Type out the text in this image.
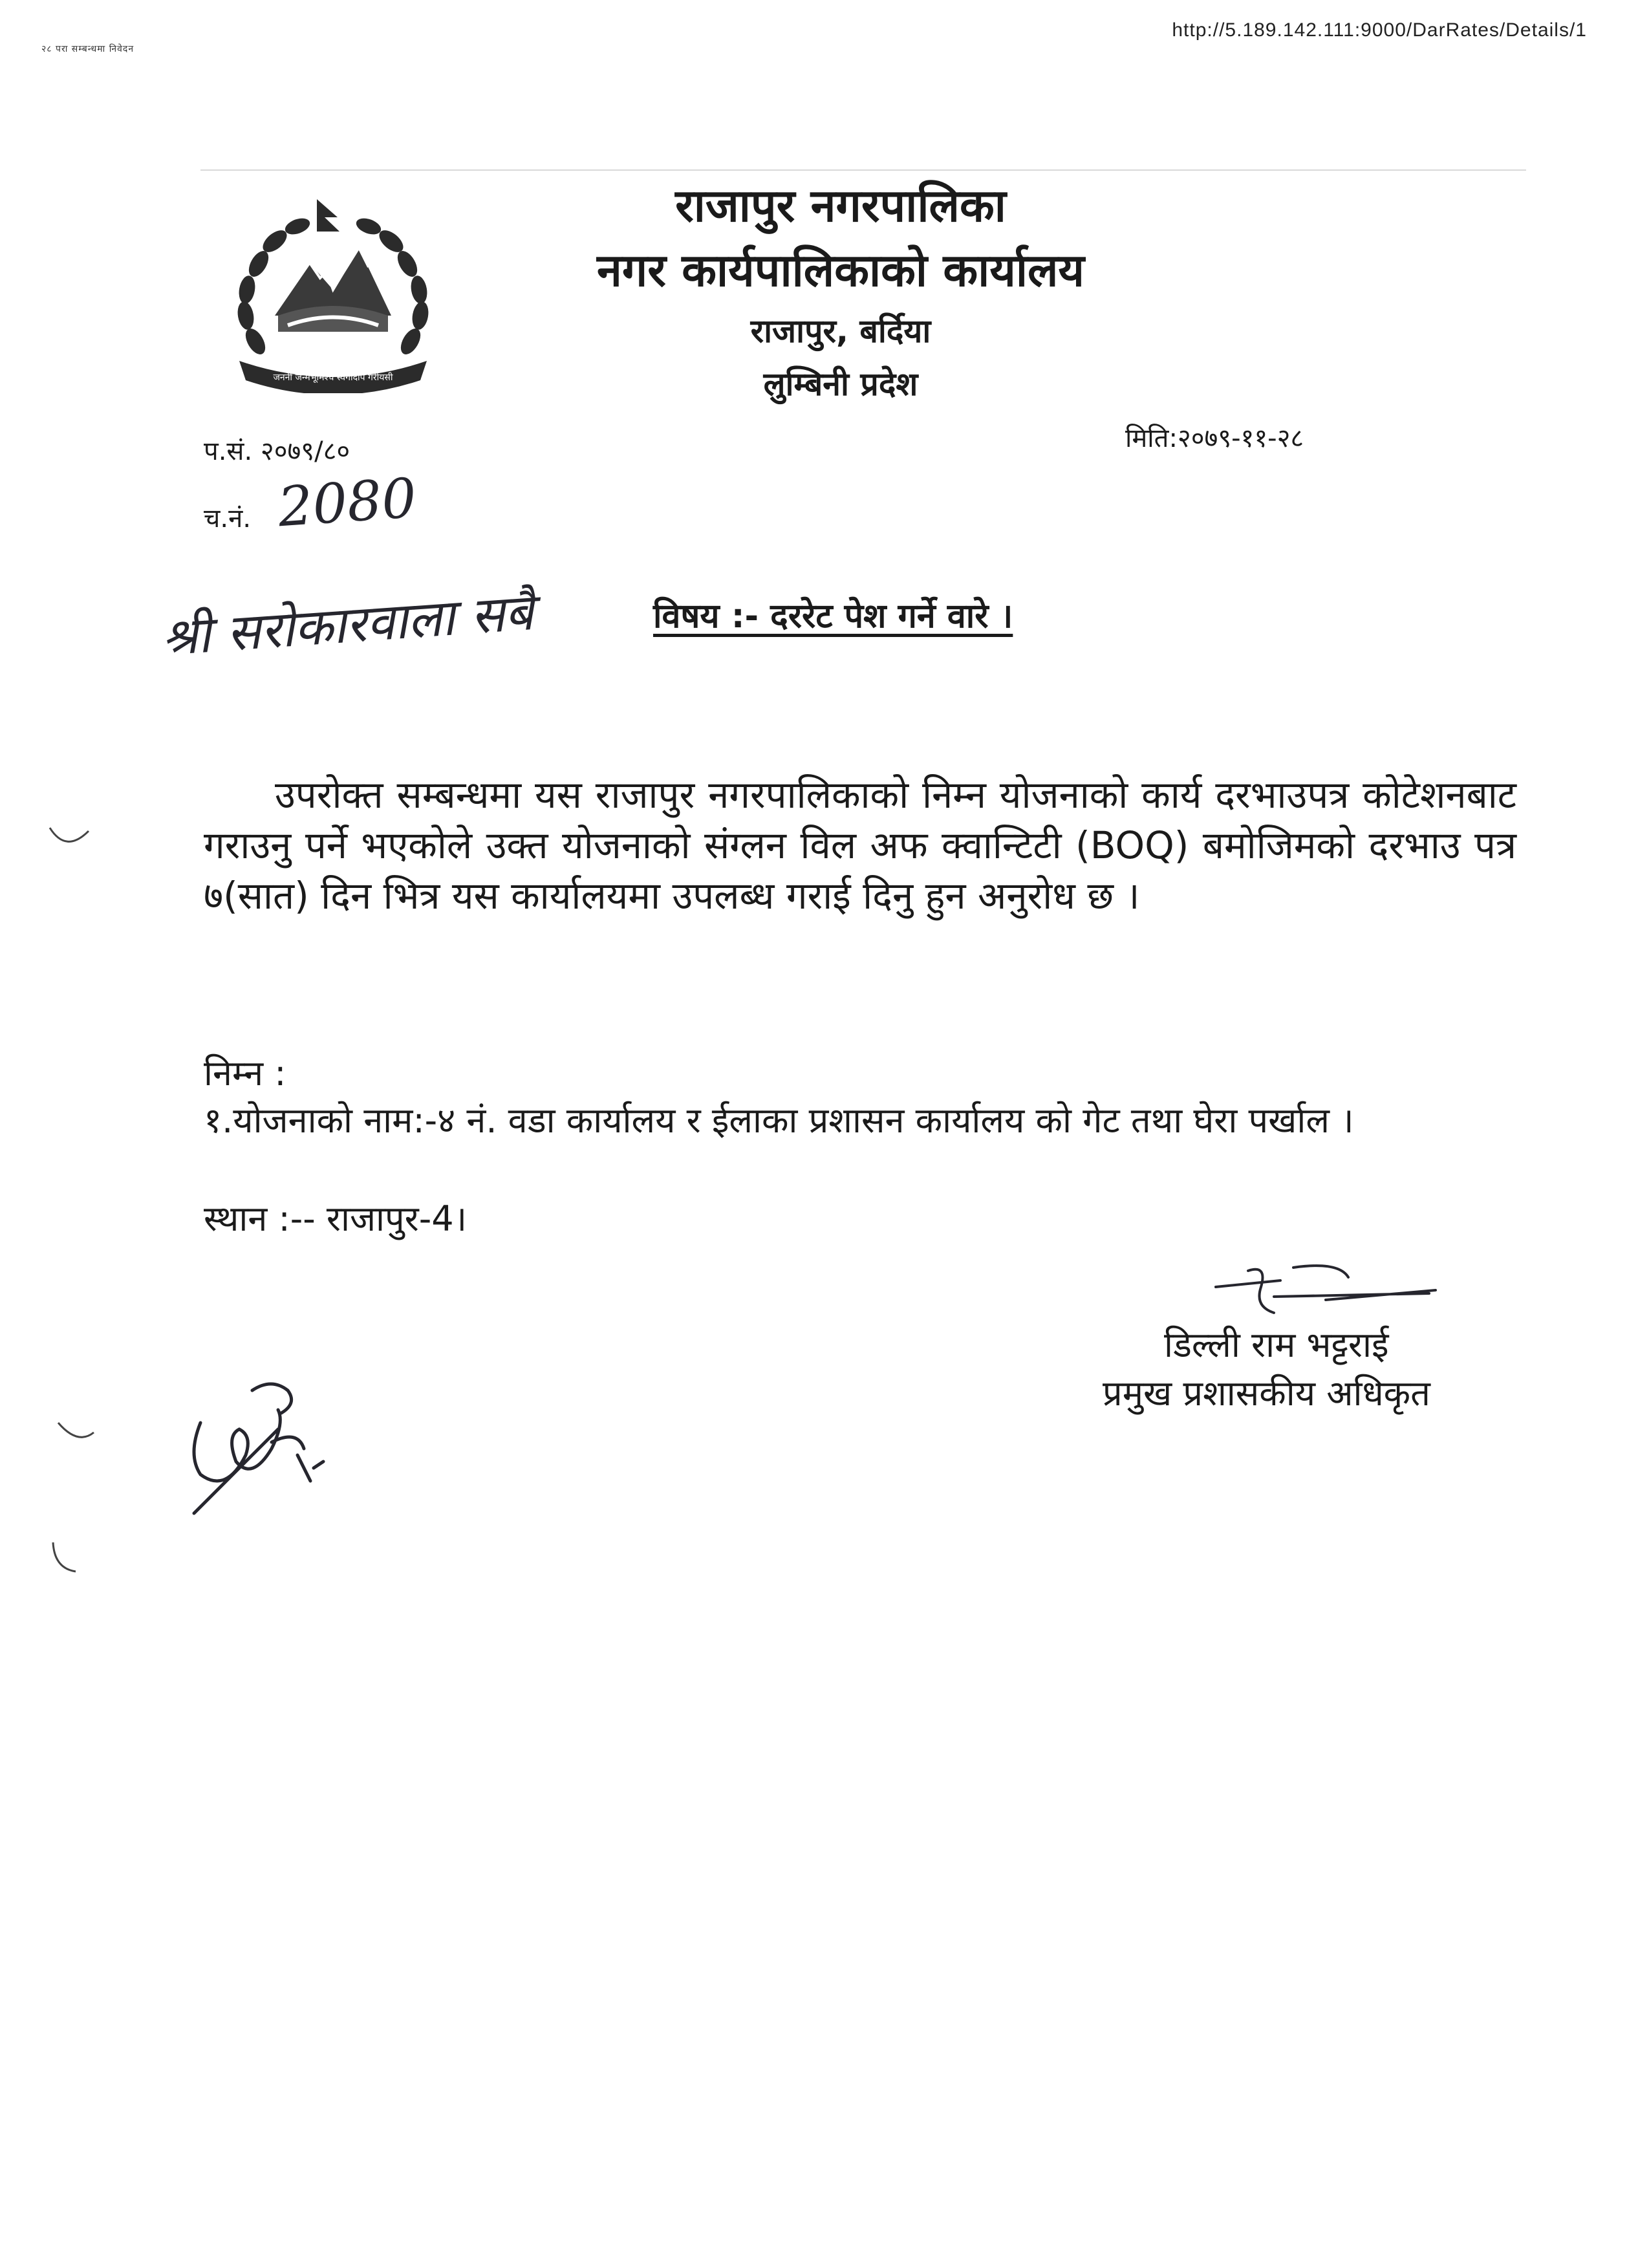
२८ परा सम्बन्धमा निवेदन
http://5.189.142.111:9000/DarRates/Details/1
जननी जन्मभूमिश्च स्वर्गादपि गरीयसी
राजापुर नगरपालिका
नगर कार्यपालिकाको कार्यालय
राजापुर, बर्दिया
लुम्बिनी प्रदेश
प.सं. २०७९/८०	मिति:२०७९-११-२८
च.नं. 2080
श्री सरोकारवाला सबै	विषय :- दररेट पेश गर्ने वारे ।
उपरोक्त सम्बन्धमा यस राजापुर नगरपालिकाको निम्न योजनाको कार्य दरभाउपत्र कोटेशनबाट गराउनु पर्ने भएकोले उक्त योजनाको संग्लन विल अफ क्वान्टिटी (BOQ) बमोजिमको दरभाउ पत्र ७(सात) दिन भित्र यस कार्यालयमा उपलब्ध गराई दिनु हुन अनुरोध छ ।
निम्न :
१.योजनाको नाम:-४ नं. वडा कार्यालय र ईलाका प्रशासन कार्यालय को गेट तथा घेरा पर्खाल ।
स्थान :-- राजापुर-4।
डिल्ली राम भट्टराई
प्रमुख प्रशासकीय अधिकृत
